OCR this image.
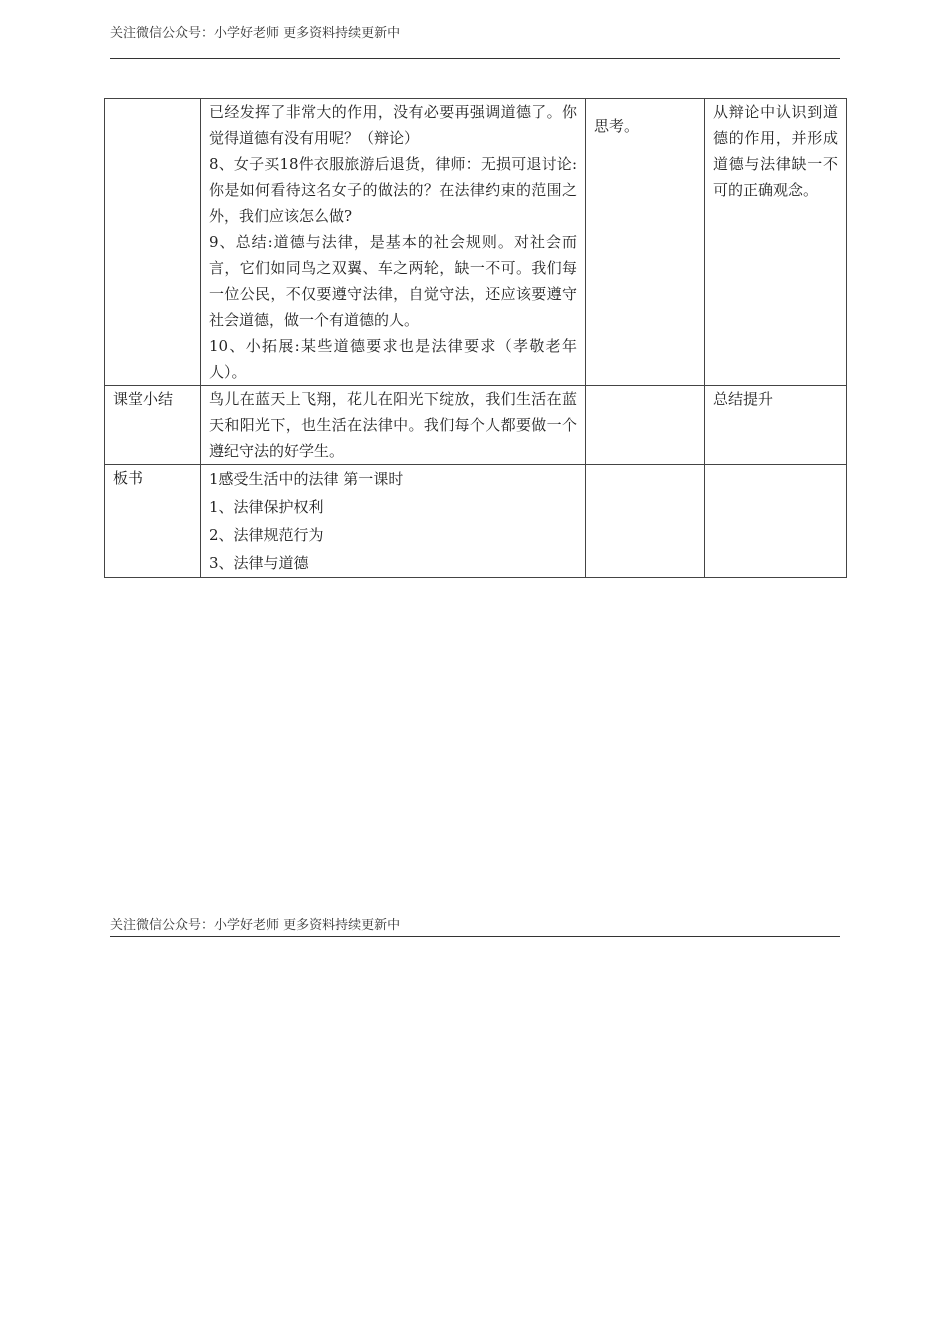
关注微信公众号：小学好老师 更多资料持续更新中

	已经发挥了非常大的作用，没有必要再强调道德了。你觉得道德有没有用呢？（辩论）
8、女子买18件衣服旅游后退货，律师：无损可退讨论:你是如何看待这名女子的做法的？在法律约束的范围之外，我们应该怎么做?
9、总结:道德与法律，是基本的社会规则。对社会而言，它们如同鸟之双翼、车之两轮，缺一不可。我们每一位公民，不仅要遵守法律，自觉守法，还应该要遵守社会道德，做一个有道德的人。
10、小拓展:某些道德要求也是法律要求（孝敬老年人）。	思考。	从辩论中认识到道德的作用，并形成道德与法律缺一不可的正确观念。
课堂小结	鸟儿在蓝天上飞翔，花儿在阳光下绽放，我们生活在蓝天和阳光下，也生活在法律中。我们每个人都要做一个遵纪守法的好学生。		总结提升
板书	1感受生活中的法律 第一课时
1、法律保护权利
2、法律规范行为
3、法律与道德		

关注微信公众号：小学好老师 更多资料持续更新中
